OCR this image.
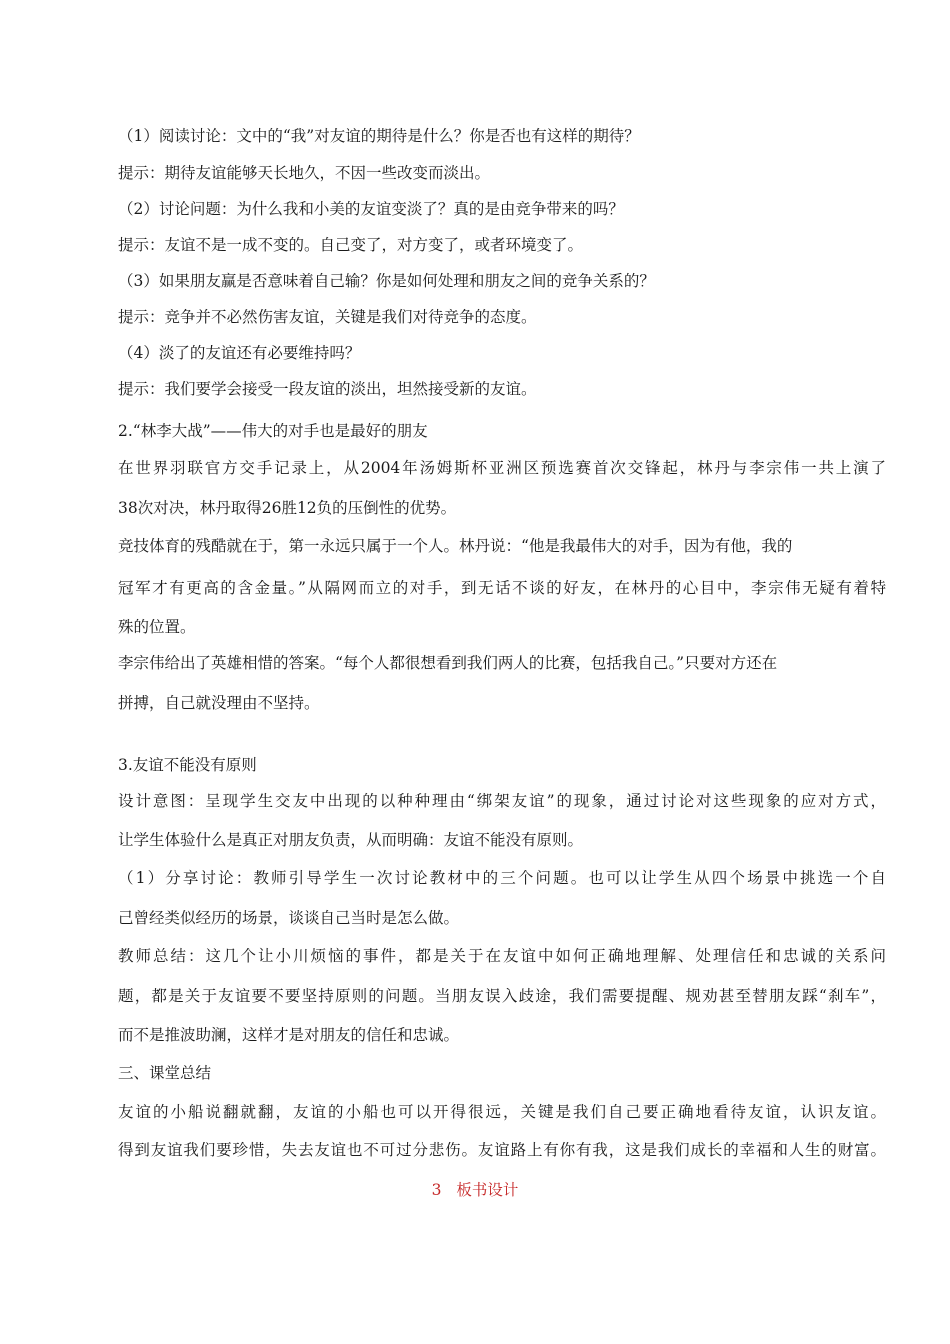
（1）阅读讨论：文中的“我”对友谊的期待是什么？你是否也有这样的期待？
提示：期待友谊能够天长地久，不因一些改变而淡出。
（2）讨论问题：为什么我和小美的友谊变淡了？真的是由竞争带来的吗？
提示：友谊不是一成不变的。自己变了，对方变了，或者环境变了。
（3）如果朋友赢是否意味着自己输？你是如何处理和朋友之间的竞争关系的？
提示：竞争并不必然伤害友谊，关键是我们对待竞争的态度。
（4）淡了的友谊还有必要维持吗？
提示：我们要学会接受一段友谊的淡出，坦然接受新的友谊。
2.“林李大战”——伟大的对手也是最好的朋友
在世界羽联官方交手记录上，从2004年汤姆斯杯亚洲区预选赛首次交锋起，林丹与李宗伟一共上演了
38次对决，林丹取得26胜12负的压倒性的优势。
竞技体育的残酷就在于，第一永远只属于一个人。林丹说：“他是我最伟大的对手，因为有他，我的
冠军才有更高的含金量。”从隔网而立的对手，到无话不谈的好友，在林丹的心目中，李宗伟无疑有着特
殊的位置。
李宗伟给出了英雄相惜的答案。“每个人都很想看到我们两人的比赛，包括我自己。”只要对方还在
拼搏，自己就没理由不坚持。
3.友谊不能没有原则
设计意图：呈现学生交友中出现的以种种理由“绑架友谊”的现象，通过讨论对这些现象的应对方式，
让学生体验什么是真正对朋友负责，从而明确：友谊不能没有原则。
（1）分享讨论：教师引导学生一次讨论教材中的三个问题。也可以让学生从四个场景中挑选一个自
己曾经类似经历的场景，谈谈自己当时是怎么做。
教师总结：这几个让小川烦恼的事件，都是关于在友谊中如何正确地理解、处理信任和忠诚的关系问
题，都是关于友谊要不要坚持原则的问题。当朋友误入歧途，我们需要提醒、规劝甚至替朋友踩“刹车”，
而不是推波助澜，这样才是对朋友的信任和忠诚。
三、课堂总结
友谊的小船说翻就翻，友谊的小船也可以开得很远，关键是我们自己要正确地看待友谊，认识友谊。
得到友谊我们要珍惜，失去友谊也不可过分悲伤。友谊路上有你有我，这是我们成长的幸福和人生的财富。
3 板书设计
